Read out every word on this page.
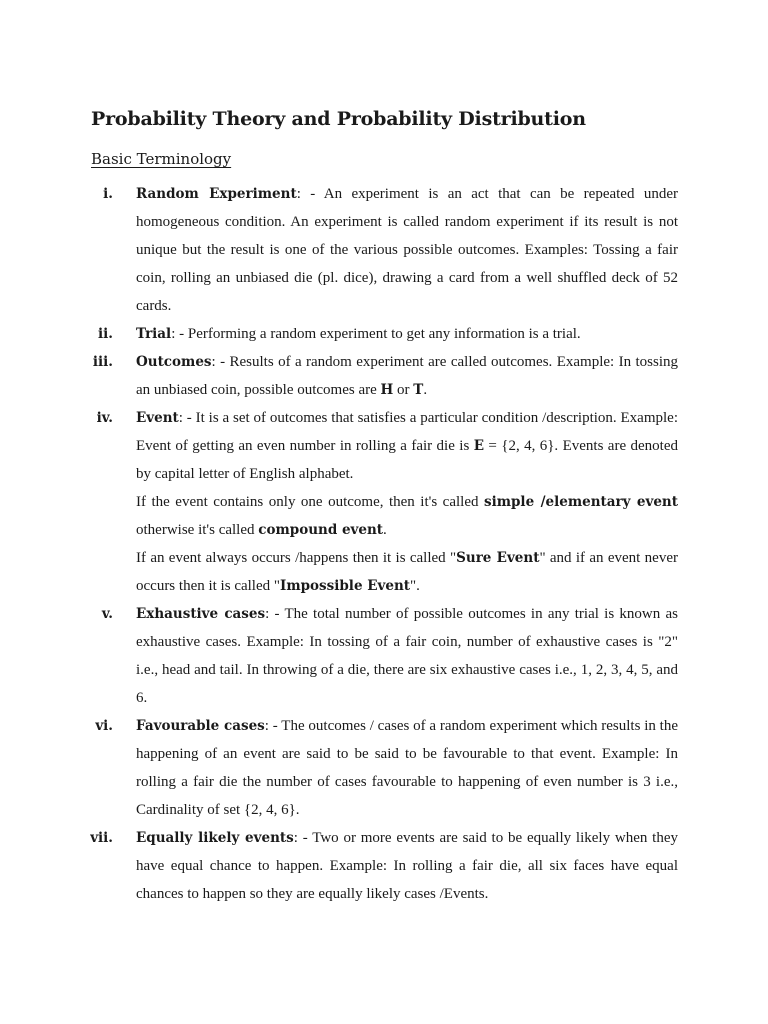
Probability Theory and Probability Distribution
Basic Terminology
i. Random Experiment: - An experiment is an act that can be repeated under homogeneous condition. An experiment is called random experiment if its result is not unique but the result is one of the various possible outcomes. Examples: Tossing a fair coin, rolling an unbiased die (pl. dice), drawing a card from a well shuffled deck of 52 cards.

ii. Trial: - Performing a random experiment to get any information is a trial.

iii. Outcomes: - Results of a random experiment are called outcomes. Example: In tossing an unbiased coin, possible outcomes are H or T.

iv. Event: - It is a set of outcomes that satisfies a particular condition /description. Example: Event of getting an even number in rolling a fair die is E = {2, 4, 6}. Events are denoted by capital letter of English alphabet.

If the event contains only one outcome, then it's called simple /elementary event otherwise it's called compound event.

If an event always occurs /happens then it is called "Sure Event" and if an event never occurs then it is called "Impossible Event".

v. Exhaustive cases: - The total number of possible outcomes in any trial is known as exhaustive cases. Example: In tossing of a fair coin, number of exhaustive cases is "2" i.e., head and tail. In throwing of a die, there are six exhaustive cases i.e., 1, 2, 3, 4, 5, and 6.

vi. Favourable cases: - The outcomes / cases of a random experiment which results in the happening of an event are said to be said to be favourable to that event. Example: In rolling a fair die the number of cases favourable to happening of even number is 3 i.e., Cardinality of set {2, 4, 6}.

vii. Equally likely events: - Two or more events are said to be equally likely when they have equal chance to happen. Example: In rolling a fair die, all six faces have equal chances to happen so they are equally likely cases /Events.
